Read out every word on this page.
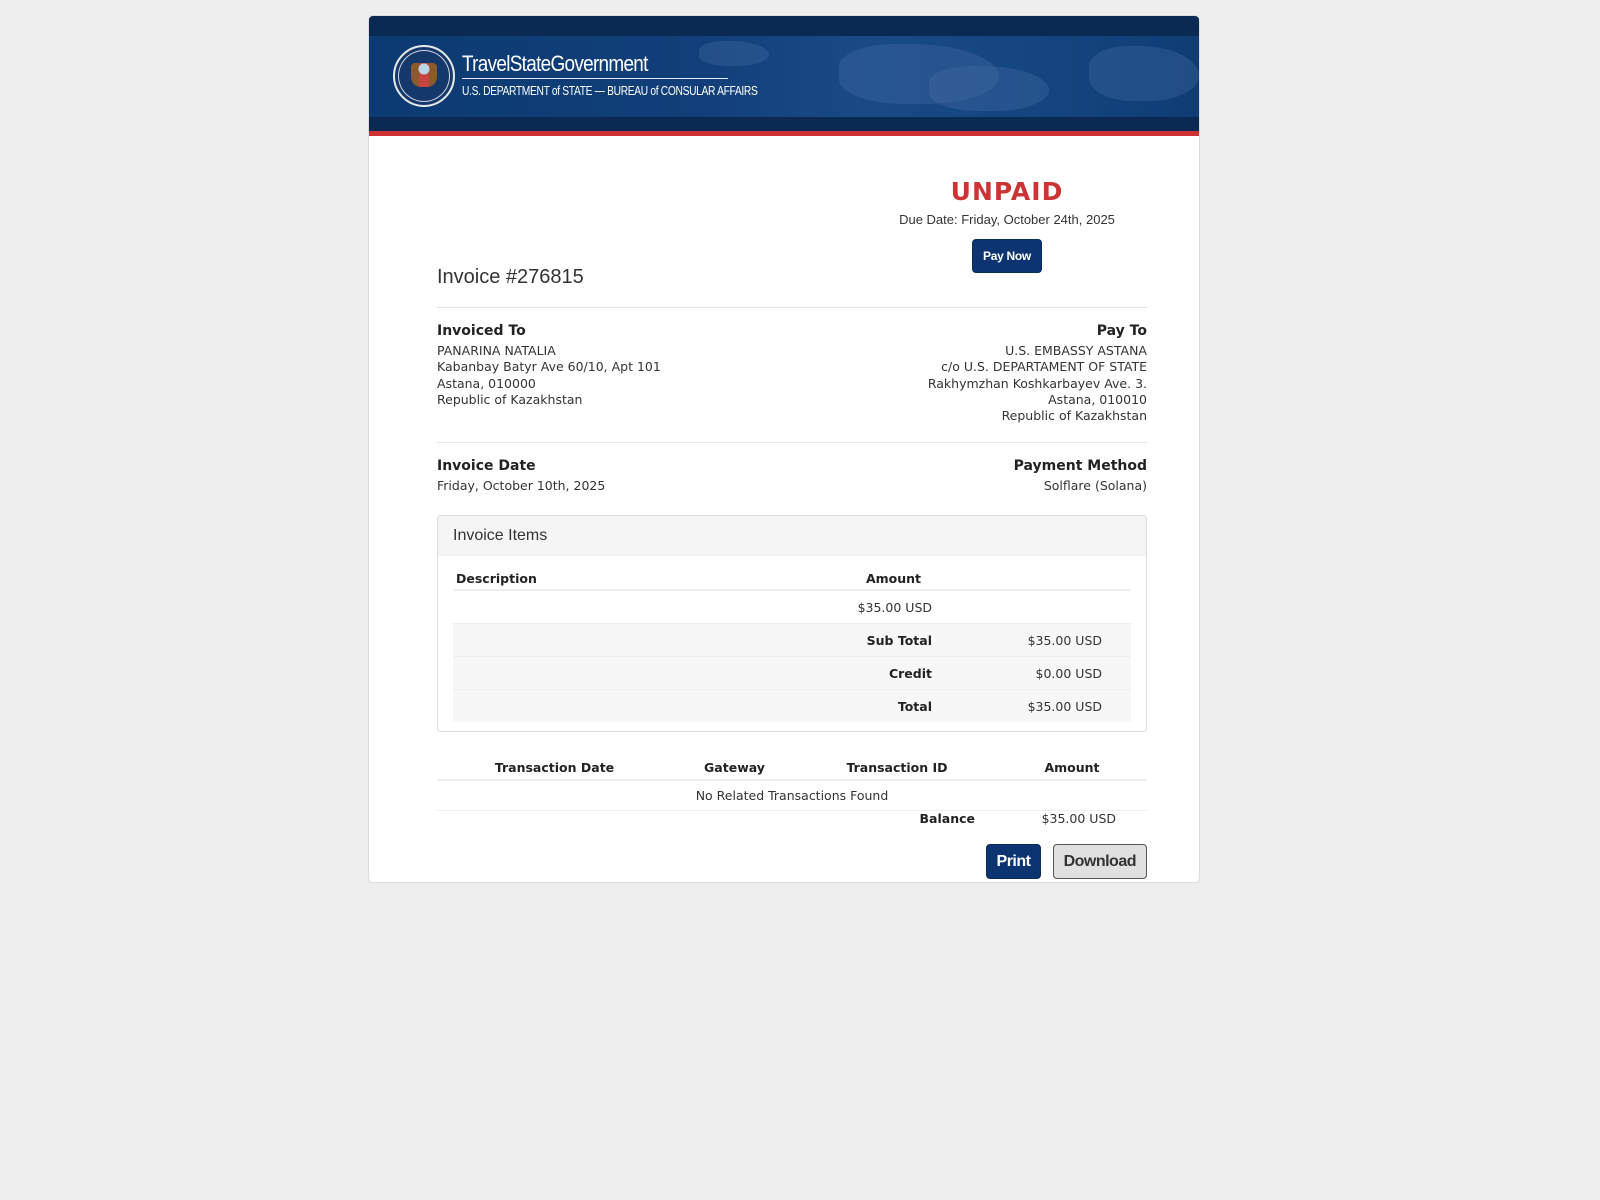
TravelStateGovernment
U.S. DEPARTMENT of STATE — BUREAU of CONSULAR AFFAIRS
UNPAID
Due Date: Friday, October 24th, 2025
Pay Now
Invoice #276815
Invoiced To
PANARINA NATALIA
Kabanbay Batyr Ave 60/10, Apt 101
Astana, 010000
Republic of Kazakhstan
Pay To
U.S. EMBASSY ASTANA
c/o U.S. DEPARTAMENT OF STATE
Rakhymzhan Koshkarbayev Ave. 3.
Astana, 010010
Republic of Kazakhstan
Invoice Date
Friday, October 10th, 2025
Payment Method
Solflare (Solana)
Invoice Items
Description	Amount	
	$35.00 USD	
	Sub Total	$35.00 USD
	Credit	$0.00 USD
	Total	$35.00 USD
Transaction Date	Gateway	Transaction ID	Amount
No Related Transactions Found

Balance	$35.00 USD
Print Download
